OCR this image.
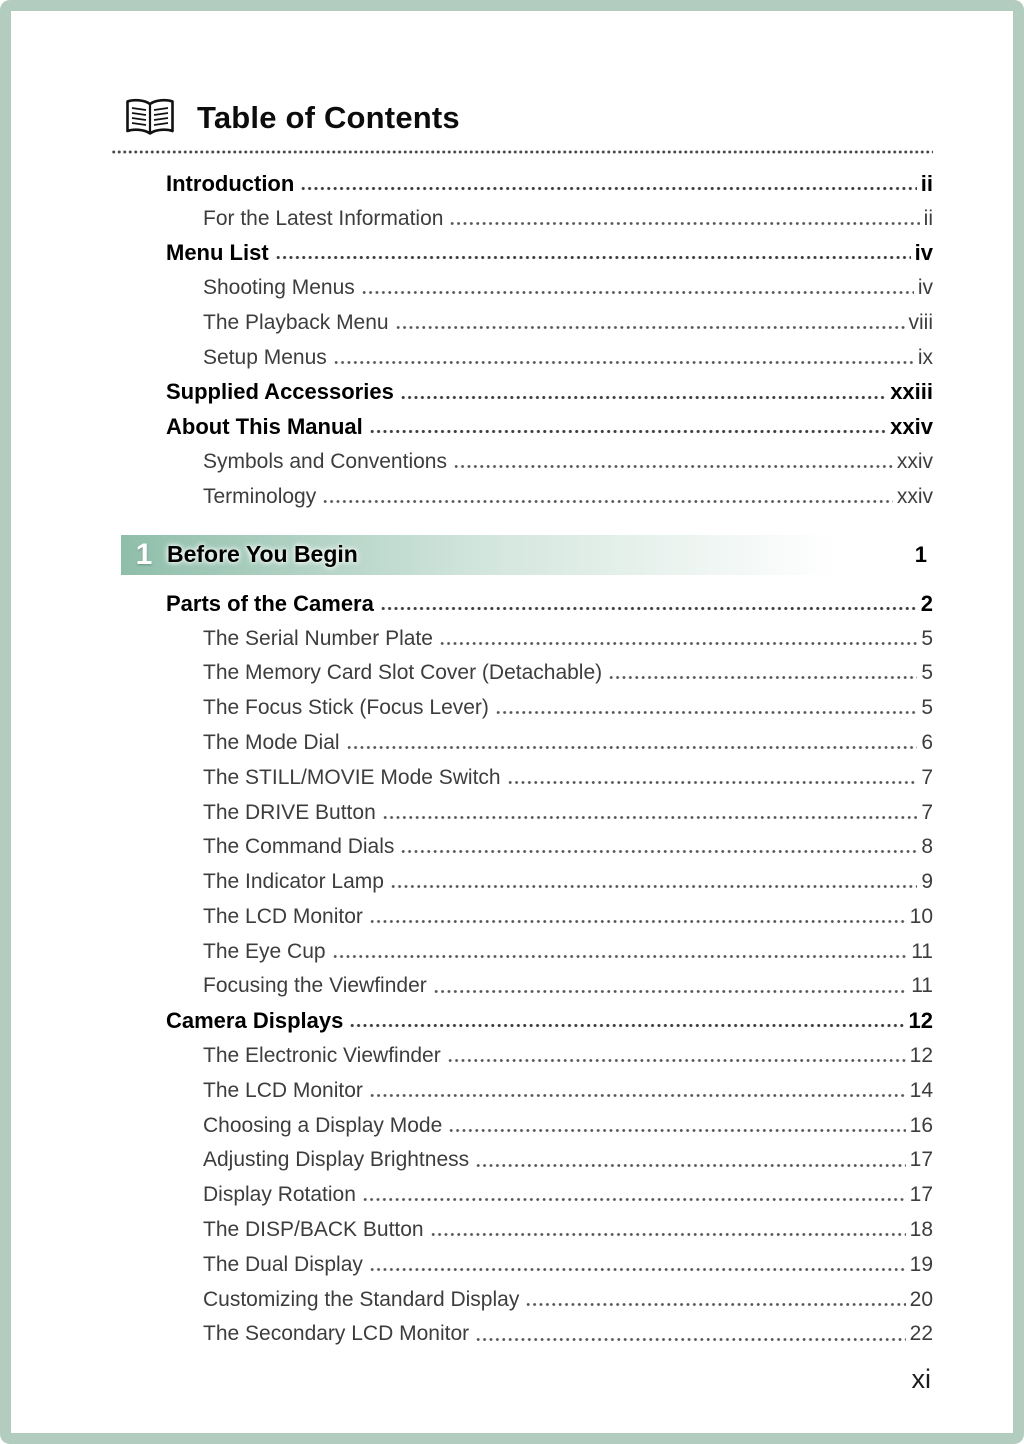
Table of Contents
Introduction	ii
For the Latest Information	ii
Menu List	iv
Shooting Menus	iv
The Playback Menu	viii
Setup Menus	ix
Supplied Accessories	xxiii
About This Manual	xxiv
Symbols and Conventions	xxiv
Terminology	xxiv
1 Before You Begin	1
Parts of the Camera	2
The Serial Number Plate	5
The Memory Card Slot Cover (Detachable)	5
The Focus Stick (Focus Lever)	5
The Mode Dial	6
The STILL/MOVIE Mode Switch	7
The DRIVE Button	7
The Command Dials	8
The Indicator Lamp	9
The LCD Monitor	10
The Eye Cup	11
Focusing the Viewfinder	11
Camera Displays	12
The Electronic Viewfinder	12
The LCD Monitor	14
Choosing a Display Mode	16
Adjusting Display Brightness	17
Display Rotation	17
The DISP/BACK Button	18
The Dual Display	19
Customizing the Standard Display	20
The Secondary LCD Monitor	22
xi
